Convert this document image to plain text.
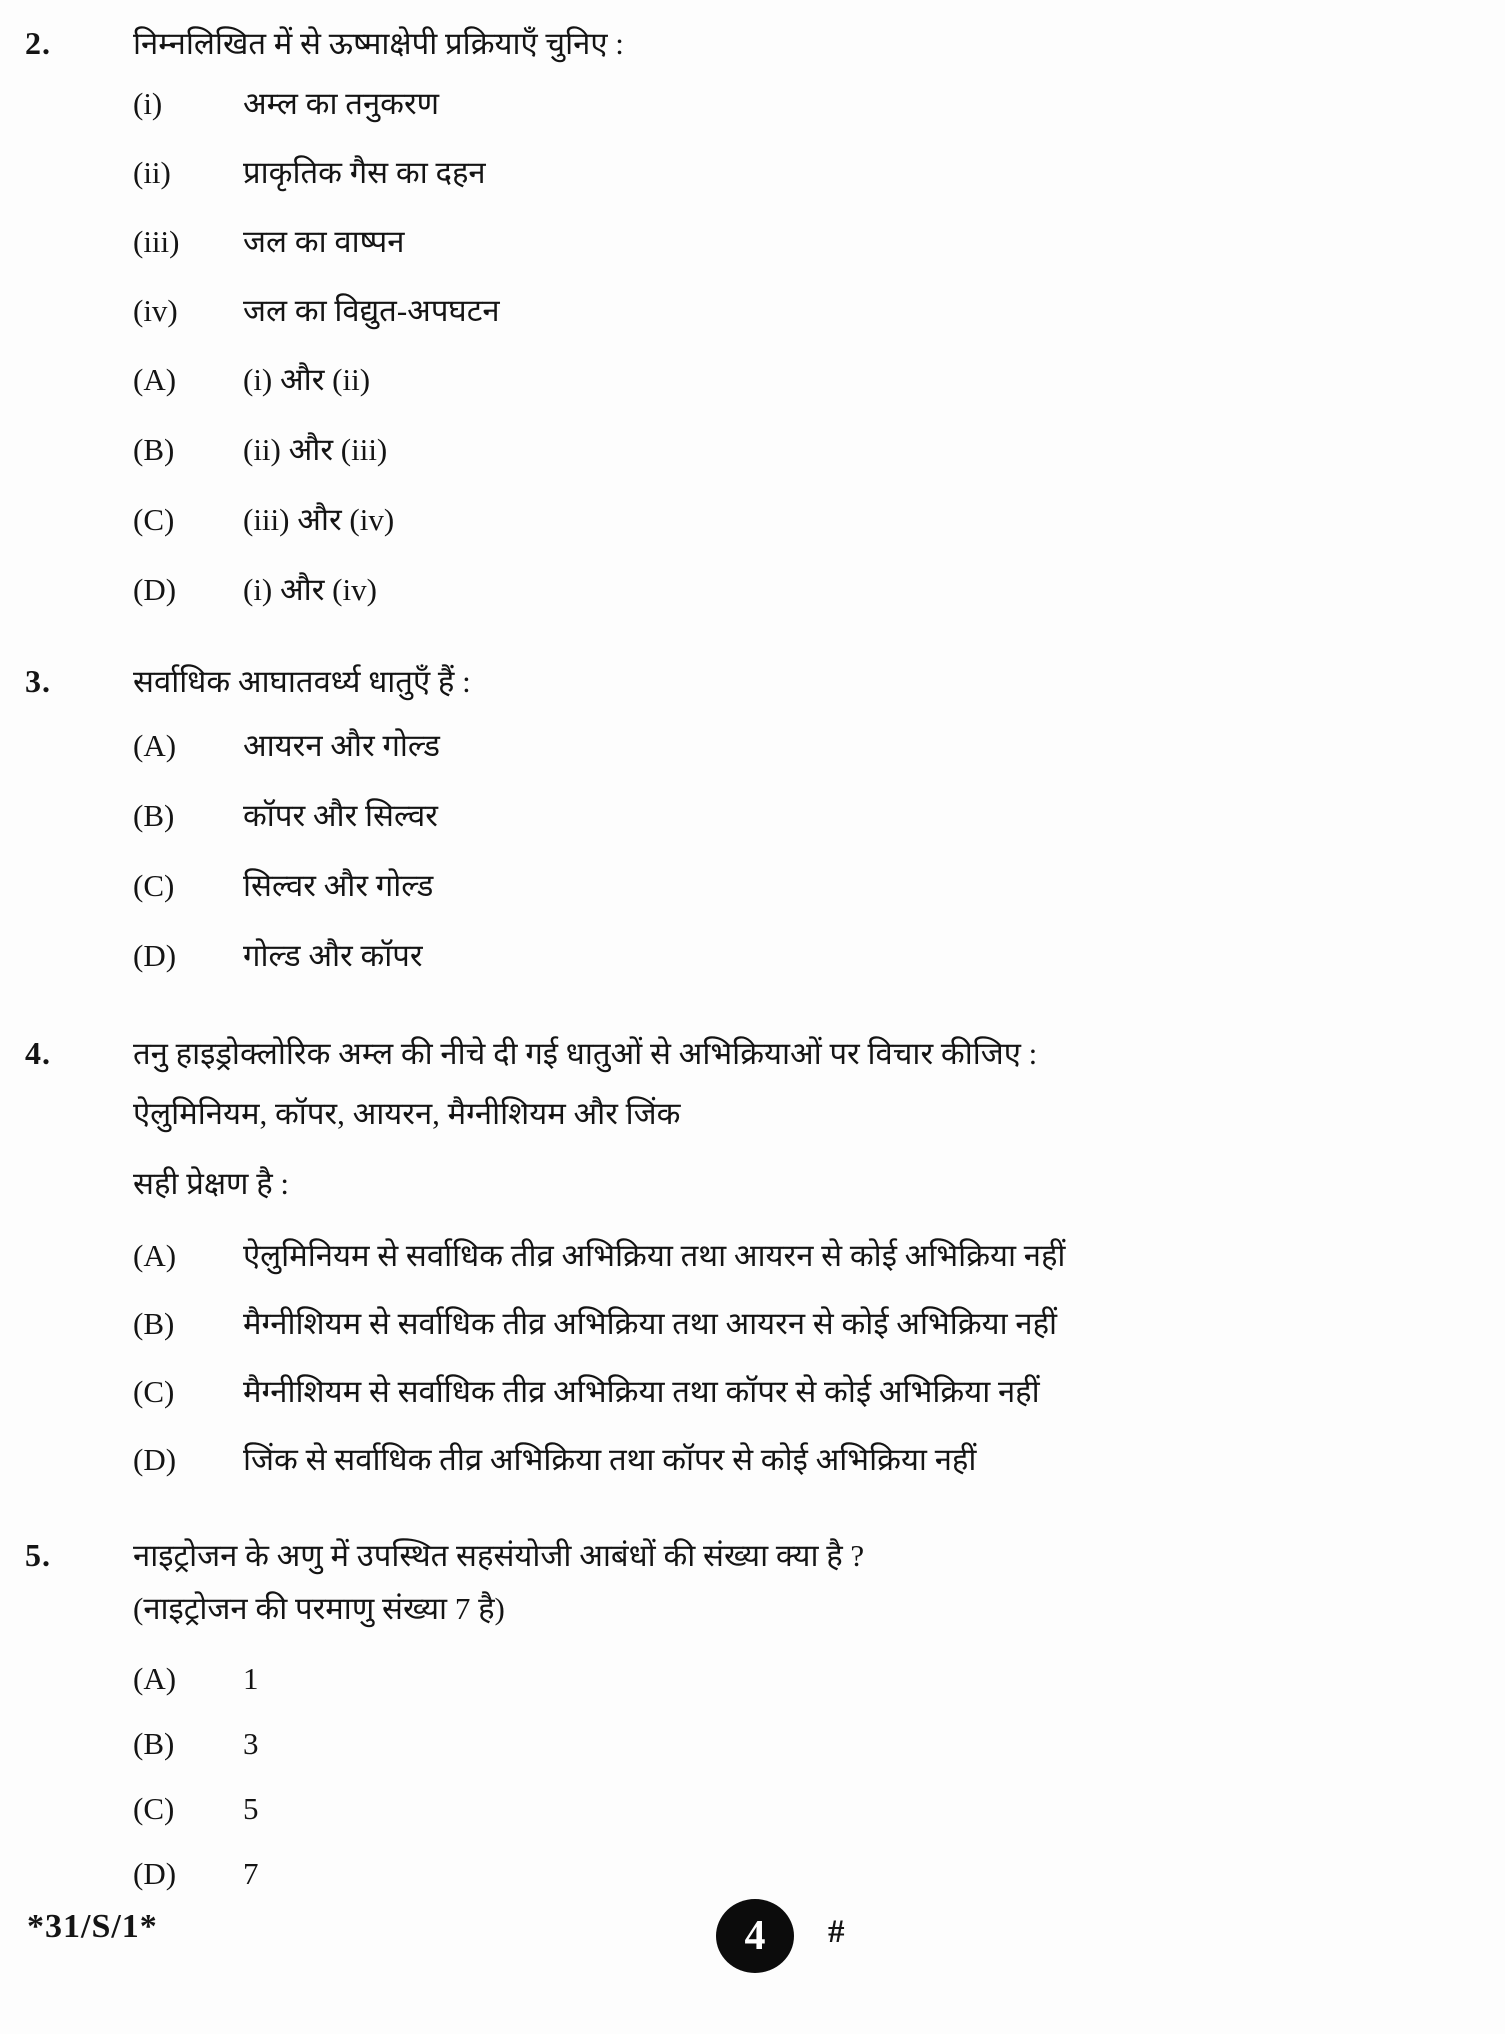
2.	निम्नलिखित में से ऊष्माक्षेपी प्रक्रियाएँ चुनिए :
(i)	अम्ल का तनुकरण
(ii)	प्राकृतिक गैस का दहन
(iii)	जल का वाष्पन
(iv)	जल का विद्युत-अपघटन
(A)	(i) और (ii)
(B)	(ii) और (iii)
(C)	(iii) और (iv)
(D)	(i) और (iv)
3.	सर्वाधिक आघातवर्ध्य धातुएँ हैं :
(A)	आयरन और गोल्ड
(B)	कॉपर और सिल्वर
(C)	सिल्वर और गोल्ड
(D)	गोल्ड और कॉपर
4.	तनु हाइड्रोक्लोरिक अम्ल की नीचे दी गई धातुओं से अभिक्रियाओं पर विचार कीजिए :
ऐलुमिनियम, कॉपर, आयरन, मैग्नीशियम और जिंक
सही प्रेक्षण है :
(A)	ऐलुमिनियम से सर्वाधिक तीव्र अभिक्रिया तथा आयरन से कोई अभिक्रिया नहीं
(B)	मैग्नीशियम से सर्वाधिक तीव्र अभिक्रिया तथा आयरन से कोई अभिक्रिया नहीं
(C)	मैग्नीशियम से सर्वाधिक तीव्र अभिक्रिया तथा कॉपर से कोई अभिक्रिया नहीं
(D)	जिंक से सर्वाधिक तीव्र अभिक्रिया तथा कॉपर से कोई अभिक्रिया नहीं
5.	नाइट्रोजन के अणु में उपस्थित सहसंयोजी आबंधों की संख्या क्या है ?
(नाइट्रोजन की परमाणु संख्या 7 है)
(A)	1
(B)	3
(C)	5
(D)	7
*31/S/1*	4 #
